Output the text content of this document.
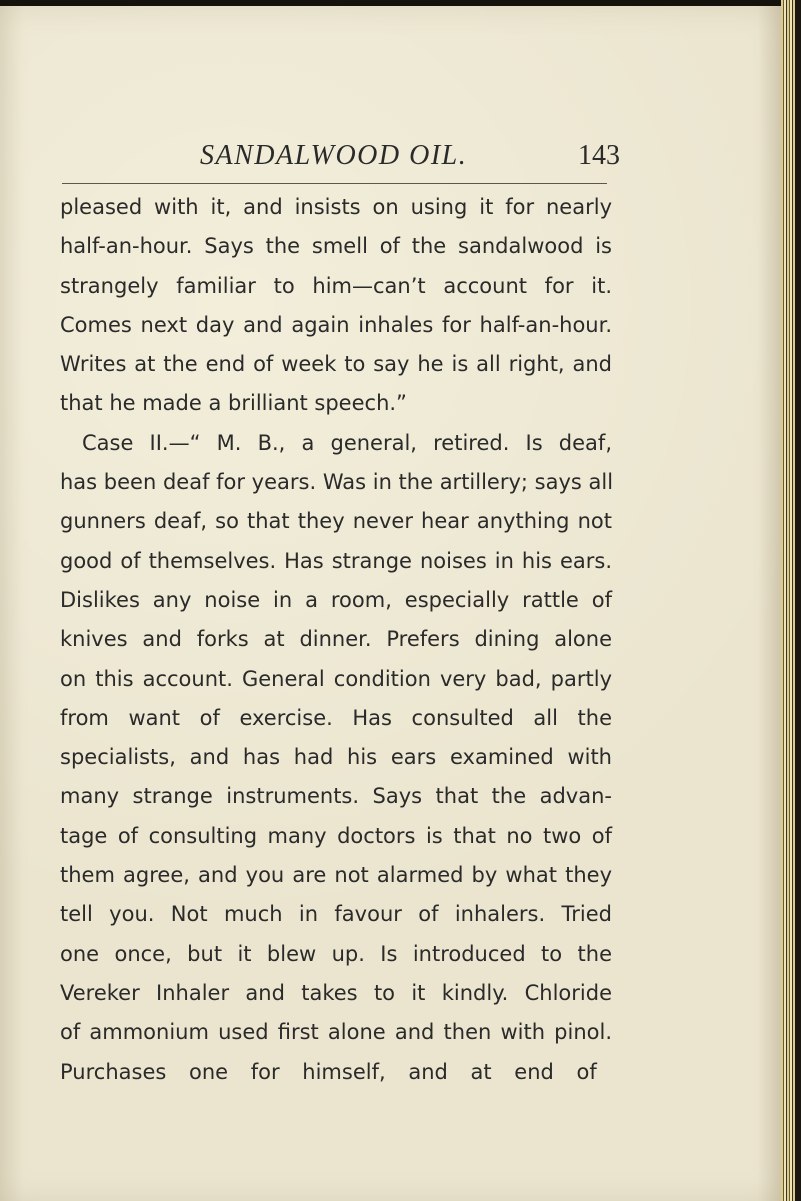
SANDALWOOD OIL.	143
pleased with it, and insists on using it for nearly
half-an-hour. Says the smell of the sandalwood is
strangely familiar to him—can’t account for it.
Comes next day and again inhales for half-an-hour.
Writes at the end of week to say he is all right, and
that he made a brilliant speech.”
Case II.—“ M. B., a general, retired. Is deaf,
has been deaf for years. Was in the artillery; says all
gunners deaf, so that they never hear anything not
good of themselves. Has strange noises in his ears.
Dislikes any noise in a room, especially rattle of
knives and forks at dinner. Prefers dining alone
on this account. General condition very bad, partly
from want of exercise. Has consulted all the
specialists, and has had his ears examined with
many strange instruments. Says that the advan-
tage of consulting many doctors is that no two of
them agree, and you are not alarmed by what they
tell you. Not much in favour of inhalers. Tried
one once, but it blew up. Is introduced to the
Vereker Inhaler and takes to it kindly. Chloride
of ammonium used first alone and then with pinol.
Purchases one for himself, and at end of
